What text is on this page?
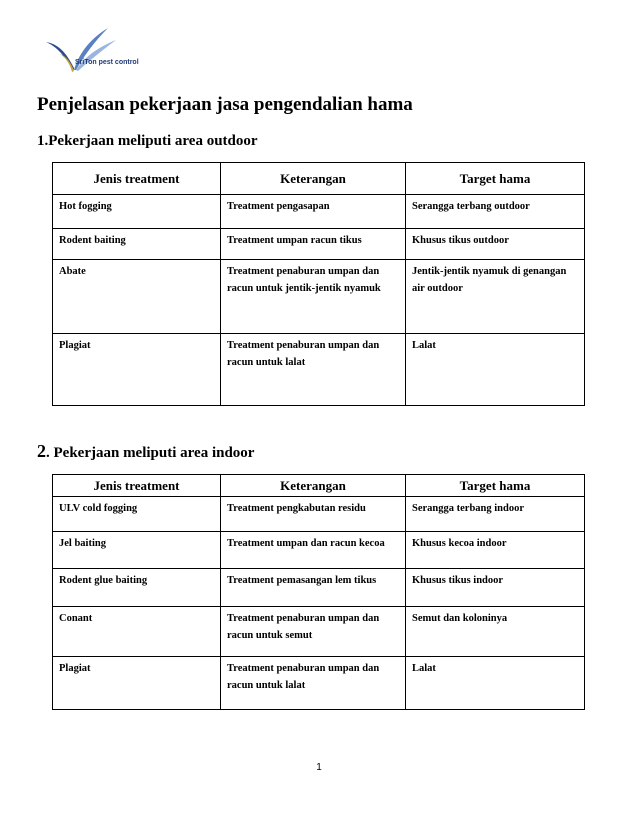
SriTon pest control
Penjelasan pekerjaan jasa pengendalian hama
1.Pekerjaan meliputi area outdoor
Jenis treatment	Keterangan	Target hama
Hot fogging	Treatment pengasapan	Serangga terbang outdoor
Rodent baiting	Treatment umpan racun tikus	Khusus tikus outdoor
Abate	Treatment penaburan umpan dan racun untuk jentik-jentik nyamuk	Jentik-jentik nyamuk di genangan air outdoor
Plagiat	Treatment penaburan umpan dan racun untuk lalat	Lalat
2. Pekerjaan meliputi area indoor
Jenis treatment	Keterangan	Target hama
ULV cold fogging	Treatment pengkabutan residu	Serangga terbang indoor
Jel baiting	Treatment umpan dan racun kecoa	Khusus kecoa indoor
Rodent glue baiting	Treatment pemasangan lem tikus	Khusus tikus indoor
Conant	Treatment penaburan umpan dan racun untuk semut	Semut dan koloninya
Plagiat	Treatment penaburan umpan dan racun untuk lalat	Lalat
1
